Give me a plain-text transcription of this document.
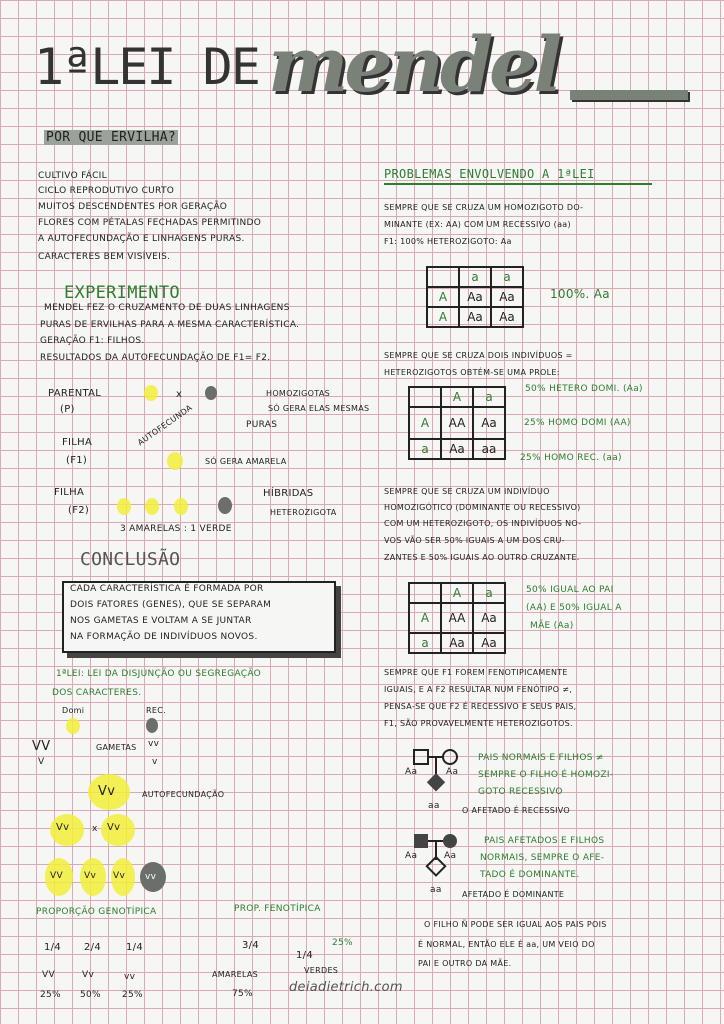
1ªLEI DE mendel
POR QUE ERVILHA?
CULTIVO FÁCIL
CICLO REPRODUTIVO CURTO
MUITOS DESCENDENTES POR GERAÇÃO
FLORES COM PÉTALAS FECHADAS PERMITINDO
A AUTOFECUNDAÇÃO E LINHAGENS PURAS.
CARACTERES BEM VISÍVEIS.
EXPERIMENTO
MENDEL FEZ O CRUZAMENTO DE DUAS LINHAGENS
PURAS DE ERVILHAS PARA A MESMA CARACTERÍSTICA.
GERAÇÃO F1: FILHOS.
RESULTADOS DA AUTOFECUNDAÇÃO DE F1= F2.
PARENTAL
(P)
x	HOMOZIGOTAS
SÓ GERA ELAS MESMAS
PURAS
FILHA
(F1)
AUTOFECUNDA
SÓ GERA AMARELA
FILHA
(F2)
HÍBRIDAS
HETEROZIGOTA
3 AMARELAS : 1 VERDE
CONCLUSÃO
CADA CARACTERÍSTICA É FORMADA POR
DOIS FATORES (GENES), QUE SE SEPARAM
NOS GAMETAS E VOLTAM A SE JUNTAR
NA FORMAÇÃO DE INDIVÍDUOS NOVOS.
1ªLEI: LEI DA DISJUNÇÃO OU SEGREGAÇÃO
DOS CARACTERES.
Domi	REC.
VV
V
GAMETAS vv
v
Vv	AUTOFECUNDAÇÃO
Vv	x Vv
VV Vv Vv vv
PROPORÇÃO GENOTÍPICA	PROP. FENOTÍPICA
1/4 2/4	1/4
VV	Vv	vv
25% 50% 25%
3/4
1/4
25%
VERDES
AMARELAS
75%
PROBLEMAS ENVOLVENDO A 1ªLEI
SEMPRE QUE SE CRUZA UM HOMOZIGOTO DO-
MINANTE (EX: AA) COM UM RECESSIVO (aa)
F1: 100% HETEROZIGOTO: Aa
	a	a
A	Aa	Aa
A	Aa	Aa
100%. Aa
SEMPRE QUE SE CRUZA DOIS INDIVÍDUOS =
HETEROZIGOTOS OBTÉM-SE UMA PROLE:
	A	a
A	AA	Aa
a	Aa	aa
50% HETERO DOMI. (Aa)
25% HOMO DOMI (AA)
25% HOMO REC. (aa)
SEMPRE QUE SE CRUZA UM INDIVÍDUO
HOMOZIGÓTICO (DOMINANTE OU RECESSIVO)
COM UM HETEROZIGOTO, OS INDIVÍDUOS NO-
VOS VÃO SER 50% IGUAIS A UM DOS CRU-
ZANTES E 50% IGUAIS AO OUTRO CRUZANTE.
	A	a
A	AA	Aa
a	Aa	Aa
50% IGUAL AO PAI
(AA) E 50% IGUAL A
MÃE (Aa)
SEMPRE QUE F1 FOREM FENOTIPICAMENTE
IGUAIS, E A F2 RESULTAR NUM FENÓTIPO ≠,
PENSA-SE QUE F2 É RECESSIVO E SEUS PAIS,
F1, SÃO PROVAVELMENTE HETEROZIGOTOS.
Aa	Aa
aa
PAIS NORMAIS E FILHOS ≠
SEMPRE O FILHO É HOMOZI-
GOTO RECESSIVO
O AFETADO É RECESSIVO
Aa	Aa
aa
PAIS AFETADOS E FILHOS
NORMAIS, SEMPRE O AFE-
TADO É DOMINANTE.
AFETADO É DOMINANTE
O FILHO Ñ PODE SER IGUAL AOS PAIS POIS
É NORMAL, ENTÃO ELE É aa, UM VEIO DO
PAI E OUTRO DA MÃE.
deiadietrich.com
